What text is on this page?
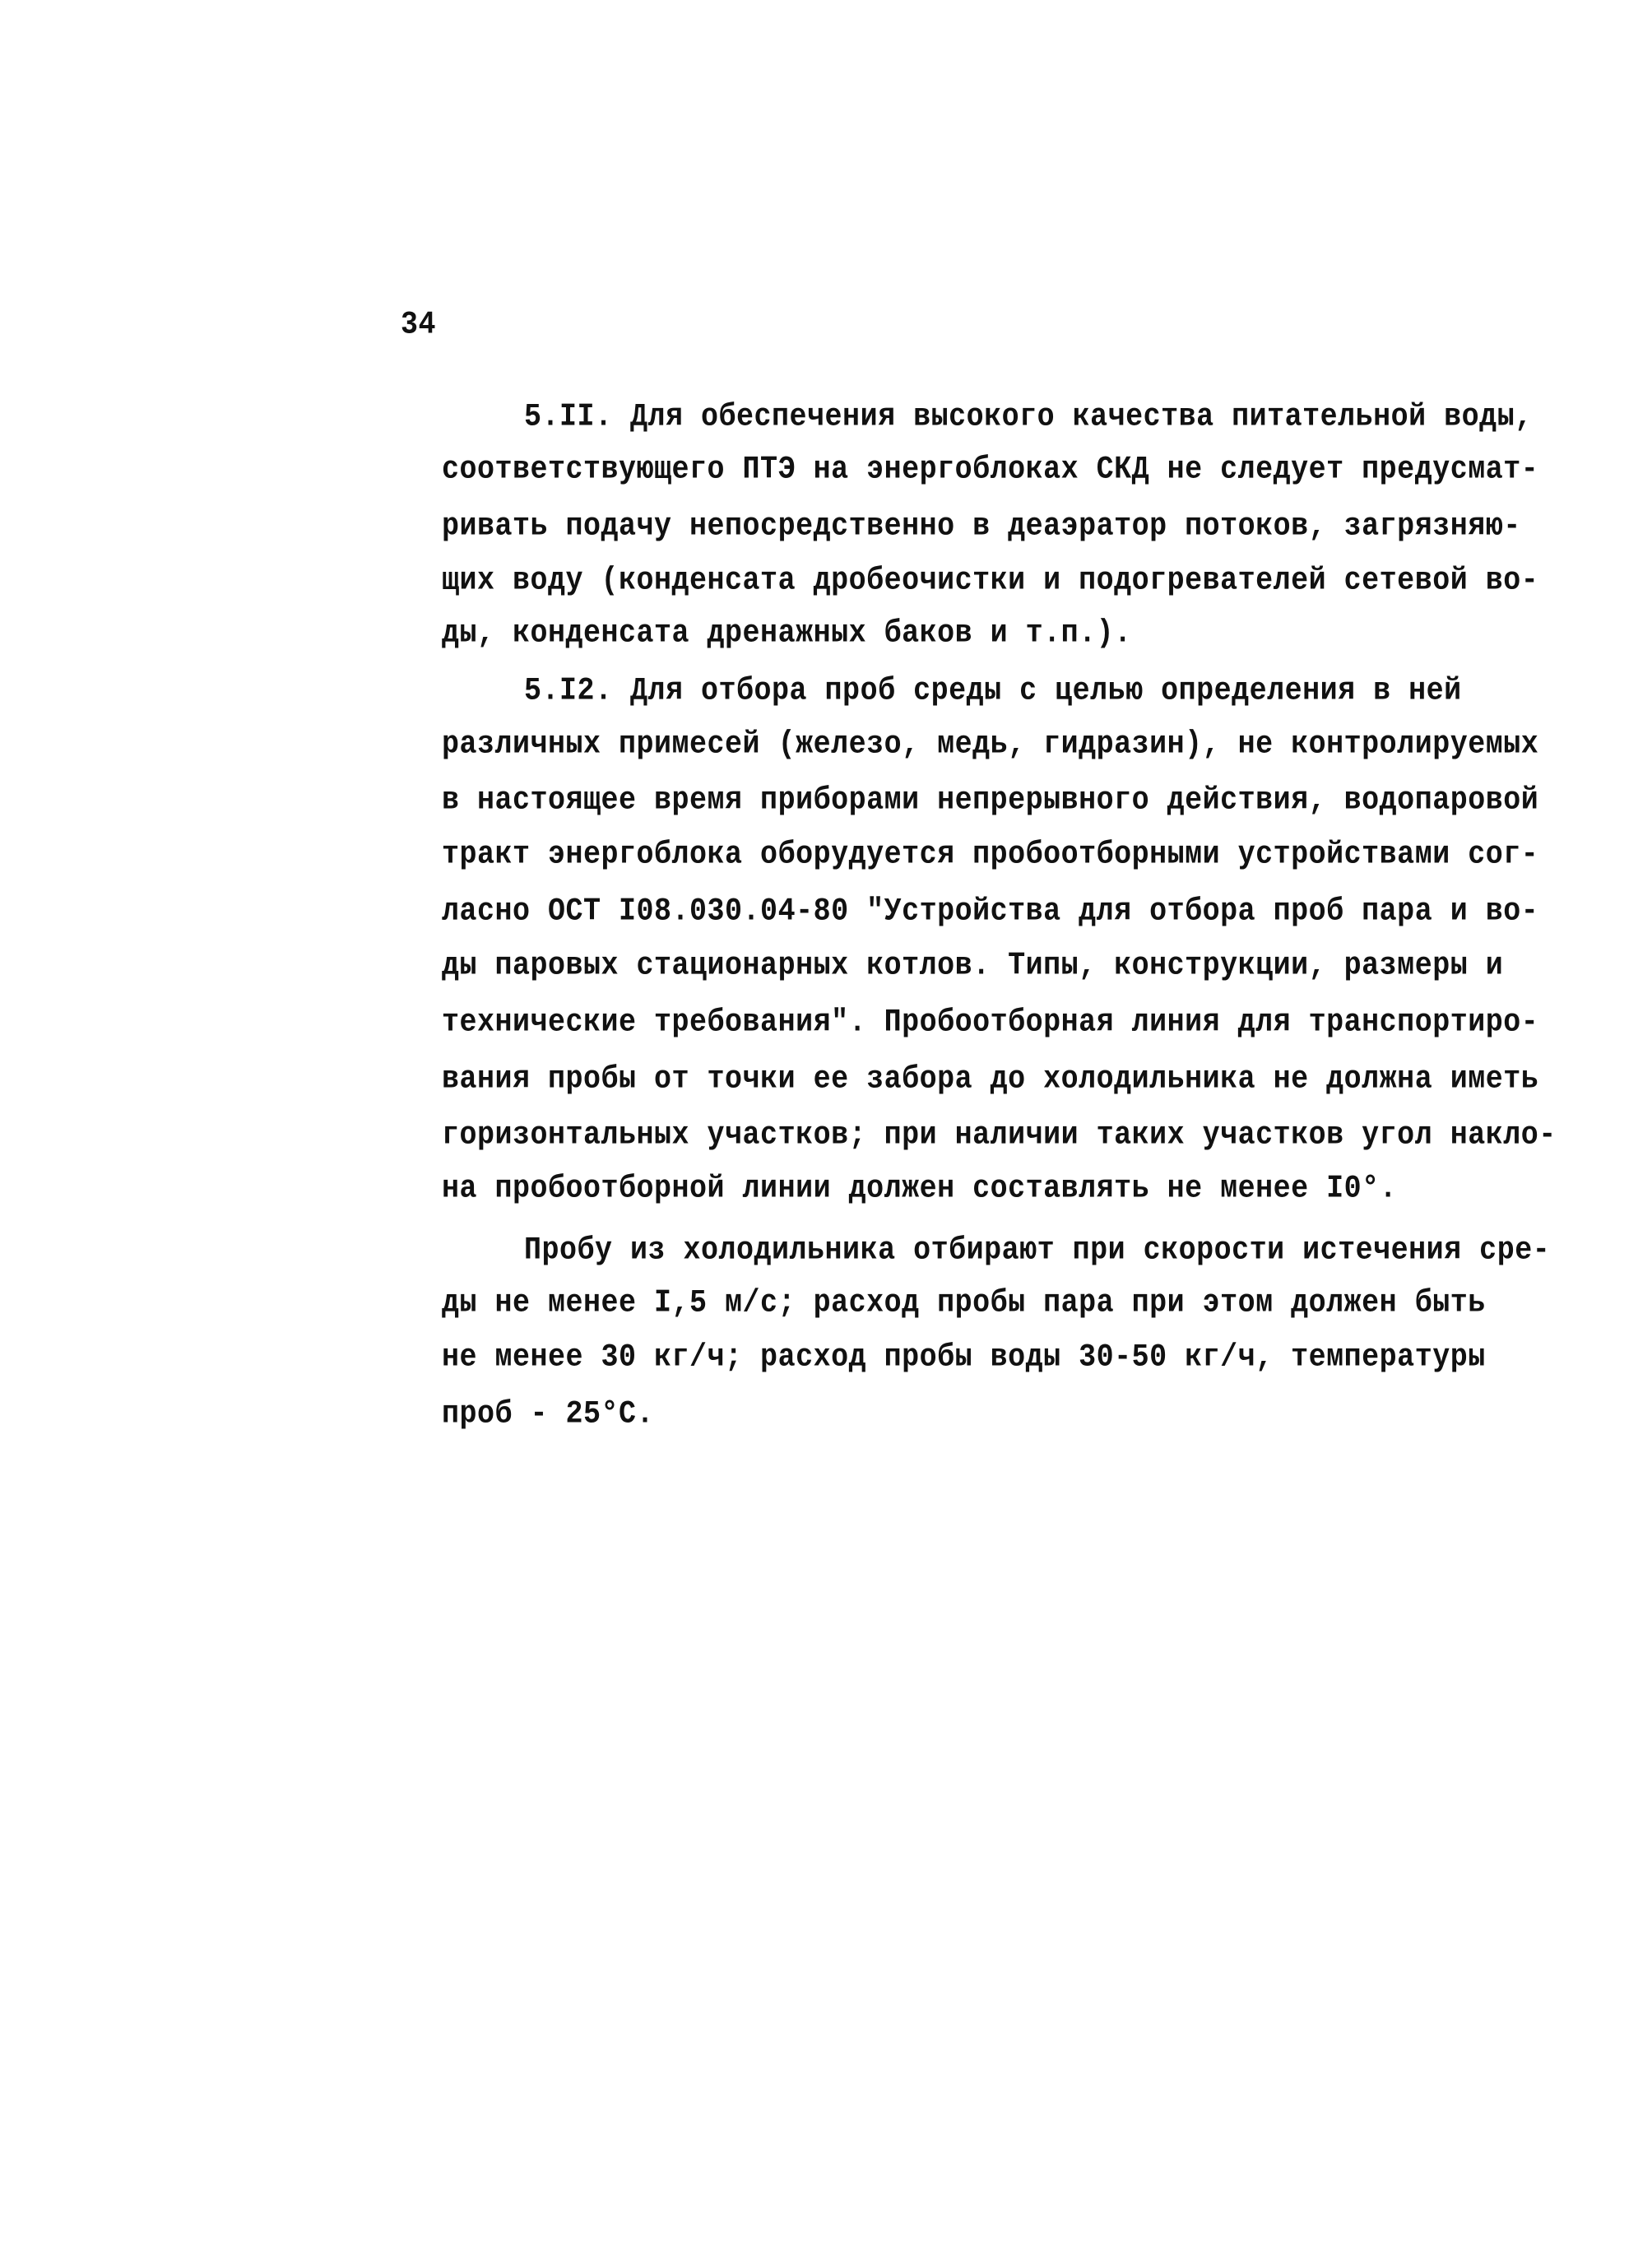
34
5.II. Для обеспечения высокого качества питательной воды,
соответствующего ПТЭ на энергоблоках СКД не следует предусмат-
ривать подачу непосредственно в деаэратор потоков, загрязняю-
щих воду (конденсата дробеочистки и подогревателей сетевой во-
ды, конденсата дренажных баков и т.п.).
5.I2. Для отбора проб среды с целью определения в ней
различных примесей (железо, медь, гидразин), не контролируемых
в настоящее время приборами непрерывного действия, водопаровой
тракт энергоблока оборудуется пробоотборными устройствами сог-
ласно ОСТ I08.030.04-80 "Устройства для отбора проб пара и во-
ды паровых стационарных котлов. Типы, конструкции, размеры и
технические требования". Пробоотборная линия для транспортиро-
вания пробы от точки ее забора до холодильника не должна иметь
горизонтальных участков; при наличии таких участков угол накло-
на пробоотборной линии должен составлять не менее I0°.
Пробу из холодильника отбирают при скорости истечения сре-
ды не менее I,5 м/с; расход пробы пара при этом должен быть
не менее 30 кг/ч; расход пробы воды 30-50 кг/ч, температуры
проб - 25°С.
